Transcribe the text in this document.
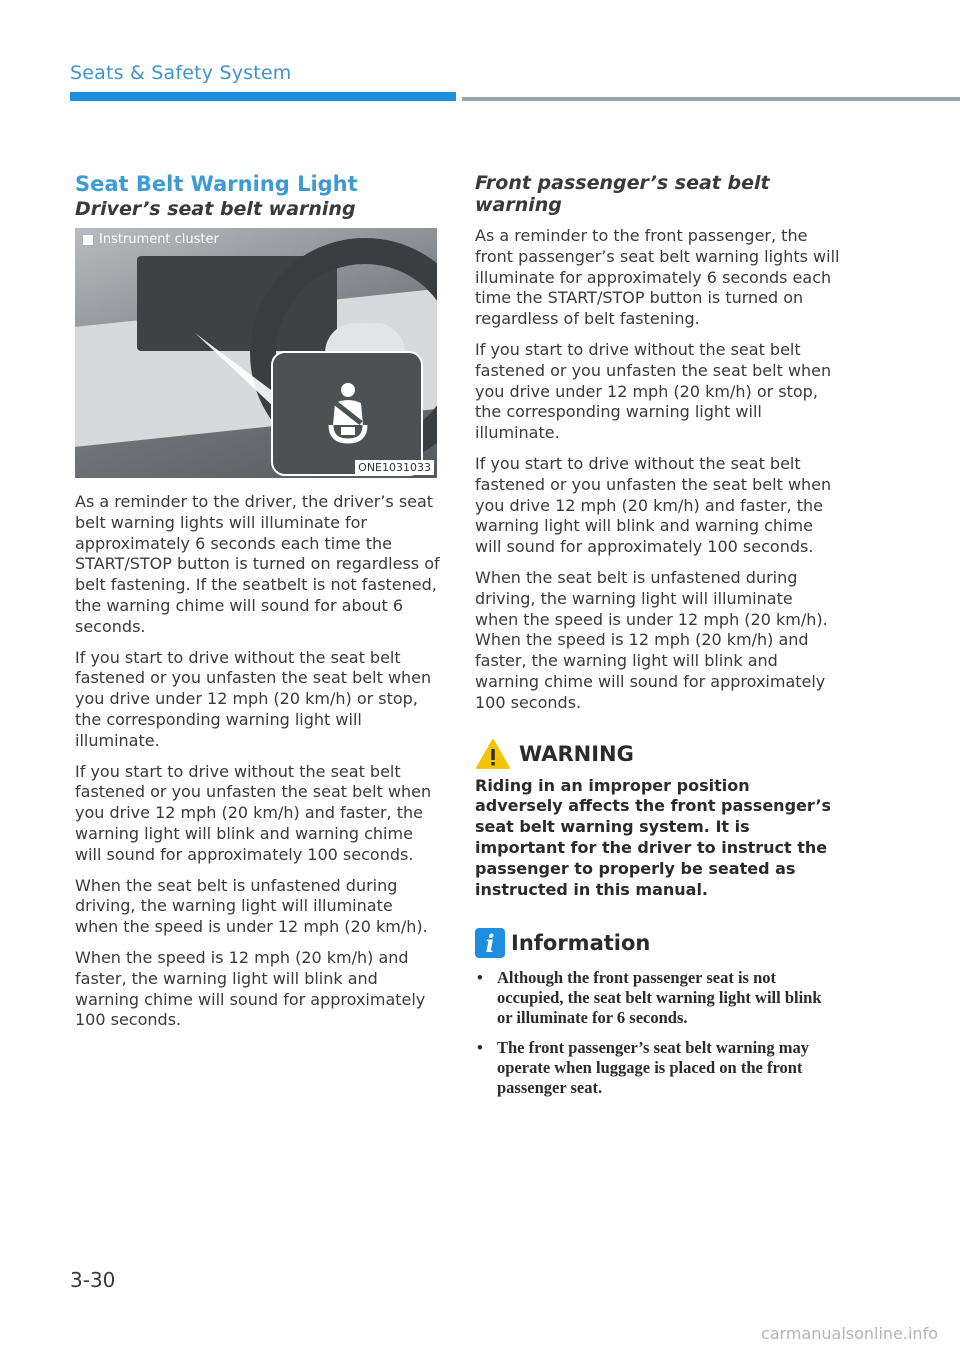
Seats & Safety System
Seat Belt Warning Light
Driver’s seat belt warning
Instrument cluster
ONE1031033

As a reminder to the driver, the driver’s seat belt warning lights will illuminate for approximately 6 seconds each time the START/STOP button is turned on regardless of belt fastening. If the seatbelt is not fastened, the warning chime will sound for about 6 seconds.

If you start to drive without the seat belt fastened or you unfasten the seat belt when you drive under 12 mph (20 km/h) or stop, the corresponding warning light will illuminate.

If you start to drive without the seat belt fastened or you unfasten the seat belt when you drive 12 mph (20 km/h) and faster, the warning light will blink and warning chime will sound for approximately 100 seconds.

When the seat belt is unfastened during driving, the warning light will illuminate when the speed is under 12 mph (20 km/h).

When the speed is 12 mph (20 km/h) and faster, the warning light will blink and warning chime will sound for approximately 100 seconds.

Front passenger’s seat belt warning

As a reminder to the front passenger, the front passenger’s seat belt warning lights will illuminate for approximately 6 seconds each time the START/STOP button is turned on regardless of belt fastening.

If you start to drive without the seat belt fastened or you unfasten the seat belt when you drive under 12 mph (20 km/h) or stop, the corresponding warning light will illuminate.

If you start to drive without the seat belt fastened or you unfasten the seat belt when you drive 12 mph (20 km/h) and faster, the warning light will blink and warning chime will sound for approximately 100 seconds.

When the seat belt is unfastened during driving, the warning light will illuminate when the speed is under 12 mph (20 km/h). When the speed is 12 mph (20 km/h) and faster, the warning light will blink and warning chime will sound for approximately 100 seconds.

WARNING

Riding in an improper position adversely affects the front passenger’s seat belt warning system. It is important for the driver to instruct the passenger to properly be seated as instructed in this manual.

i Information
• Although the front passenger seat is not occupied, the seat belt warning light will blink or illuminate for 6 seconds.
• The front passenger’s seat belt warning may operate when luggage is placed on the front passenger seat.
3-30
carmanualsonline.info
